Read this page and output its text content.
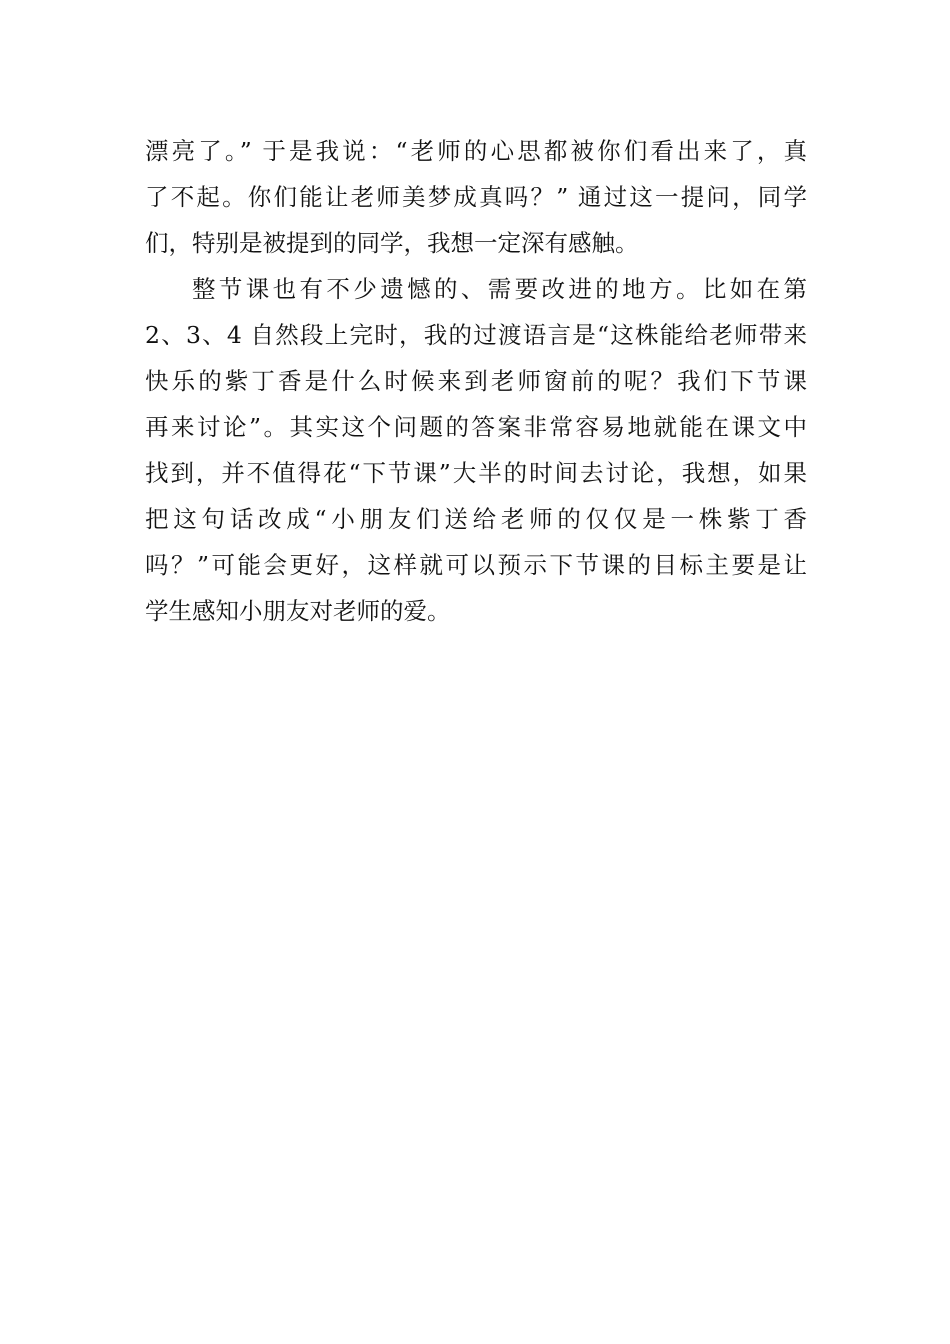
漂亮了。” 于是我说：“老师的心思都被你们看出来了，真
了不起。你们能让老师美梦成真吗？” 通过这一提问，同学
们，特别是被提到的同学，我想一定深有感触。
整节课也有不少遗憾的、需要改进的地方。比如在第
2、3、4 自然段上完时，我的过渡语言是“这株能给老师带来
快乐的紫丁香是什么时候来到老师窗前的呢？我们下节课
再来讨论”。其实这个问题的答案非常容易地就能在课文中
找到，并不值得花“下节课”大半的时间去讨论，我想，如果
把这句话改成“小朋友们送给老师的仅仅是一株紫丁香
吗？”可能会更好，这样就可以预示下节课的目标主要是让
学生感知小朋友对老师的爱。
